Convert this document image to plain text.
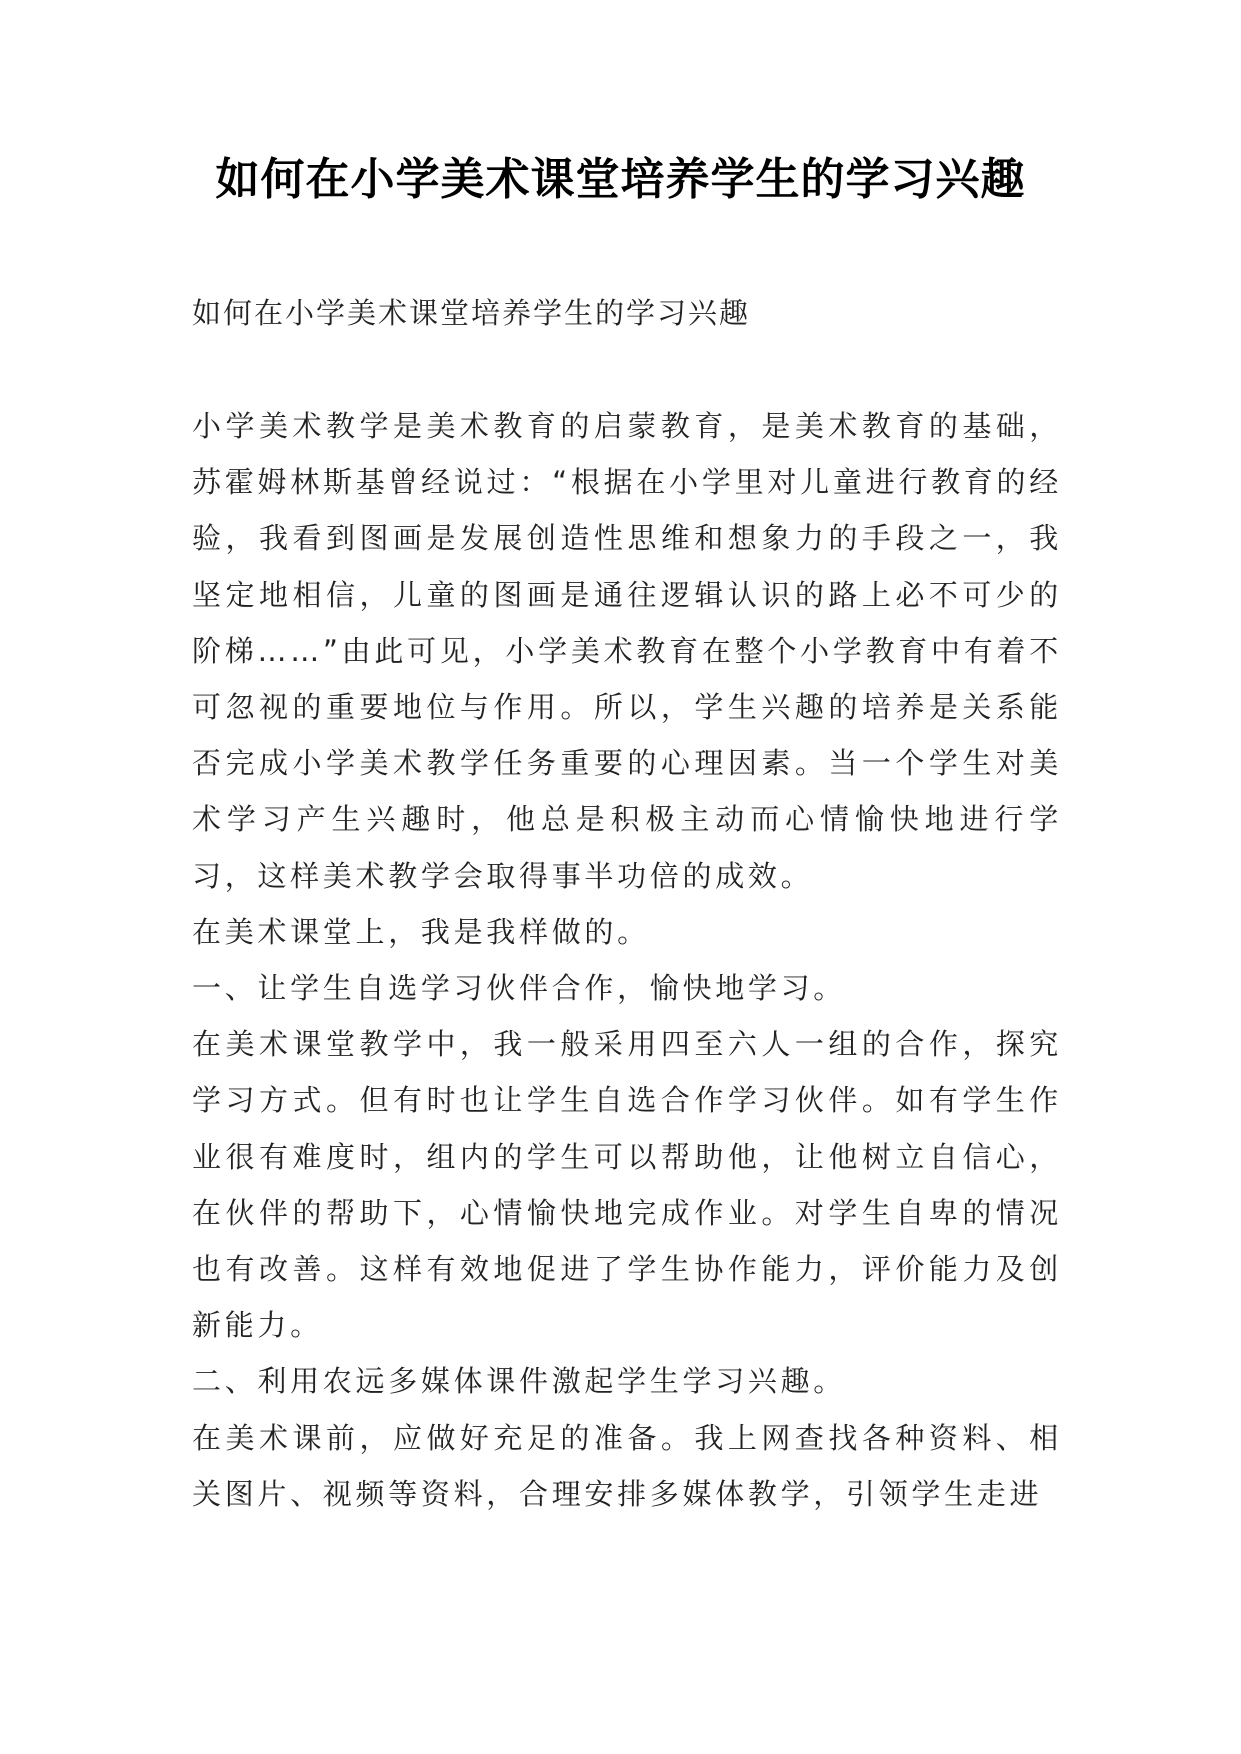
如何在小学美术课堂培养学生的学习兴趣
如何在小学美术课堂培养学生的学习兴趣

小学美术教学是美术教育的启蒙教育，是美术教育的基础，苏霍姆林斯基曾经说过：“根据在小学里对儿童进行教育的经验，我看到图画是发展创造性思维和想象力的手段之一，我坚定地相信，儿童的图画是通往逻辑认识的路上必不可少的阶梯……”由此可见，小学美术教育在整个小学教育中有着不可忽视的重要地位与作用。所以，学生兴趣的培养是关系能否完成小学美术教学任务重要的心理因素。当一个学生对美术学习产生兴趣时，他总是积极主动而心情愉快地进行学习，这样美术教学会取得事半功倍的成效。

在美术课堂上，我是我样做的。

一、让学生自选学习伙伴合作，愉快地学习。

在美术课堂教学中，我一般采用四至六人一组的合作，探究学习方式。但有时也让学生自选合作学习伙伴。如有学生作业很有难度时，组内的学生可以帮助他，让他树立自信心，在伙伴的帮助下，心情愉快地完成作业。对学生自卑的情况也有改善。这样有效地促进了学生协作能力，评价能力及创新能力。

二、利用农远多媒体课件激起学生学习兴趣。

在美术课前，应做好充足的准备。我上网查找各种资料、相关图片、视频等资料，合理安排多媒体教学，引领学生走进
